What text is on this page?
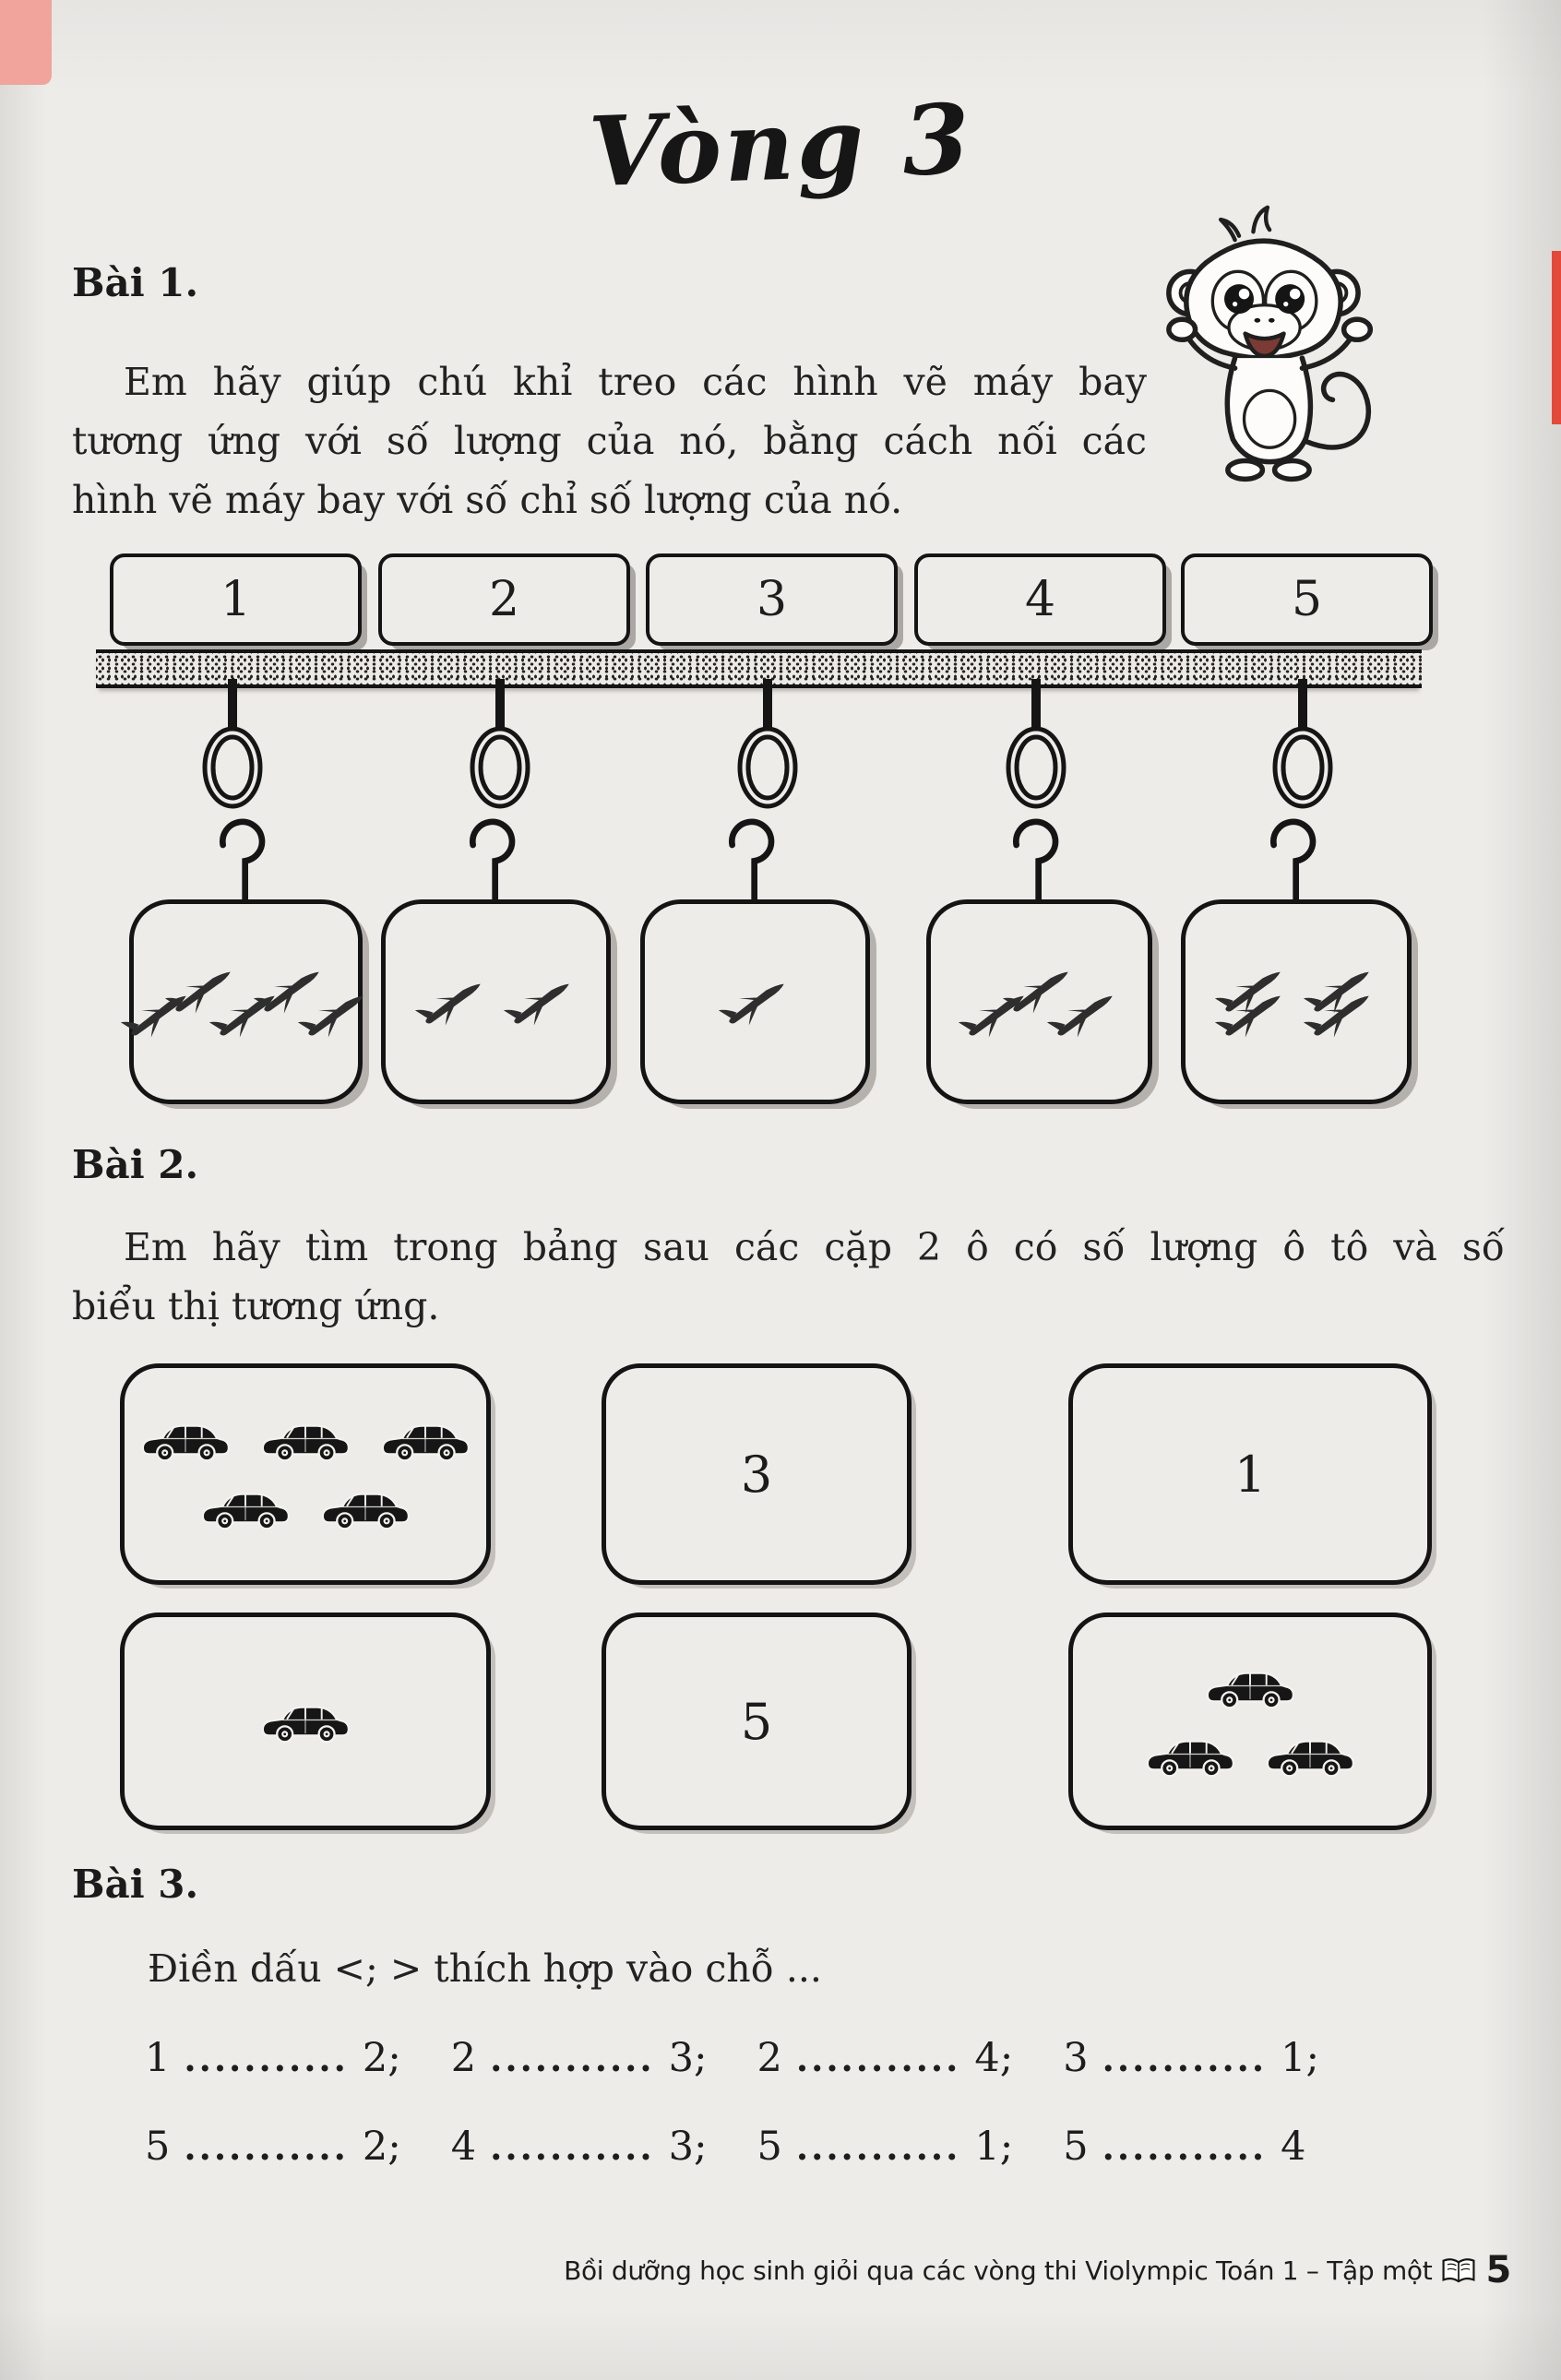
Vòng 3
Bài 1.
Em hãy giúp chú khỉ treo các hình vẽ máy bay
tương ứng với số lượng của nó, bằng cách nối các
hình vẽ máy bay với số chỉ số lượng của nó.
1	2	3	4	5
Bài 2.
Em hãy tìm trong bảng sau các cặp 2 ô có số lượng ô tô và số
biểu thị tương ứng.
3	1
5
Bài 3.
Điền dấu <; > thích hợp vào chỗ ...
1 ........... 2; 2 ........... 3; 2 ........... 4; 3 ........... 1;
5 ........... 2; 4 ........... 3; 5 ........... 1; 5 ........... 4
Bồi dưỡng học sinh giỏi qua các vòng thi Violympic Toán 1 – Tập một 5
